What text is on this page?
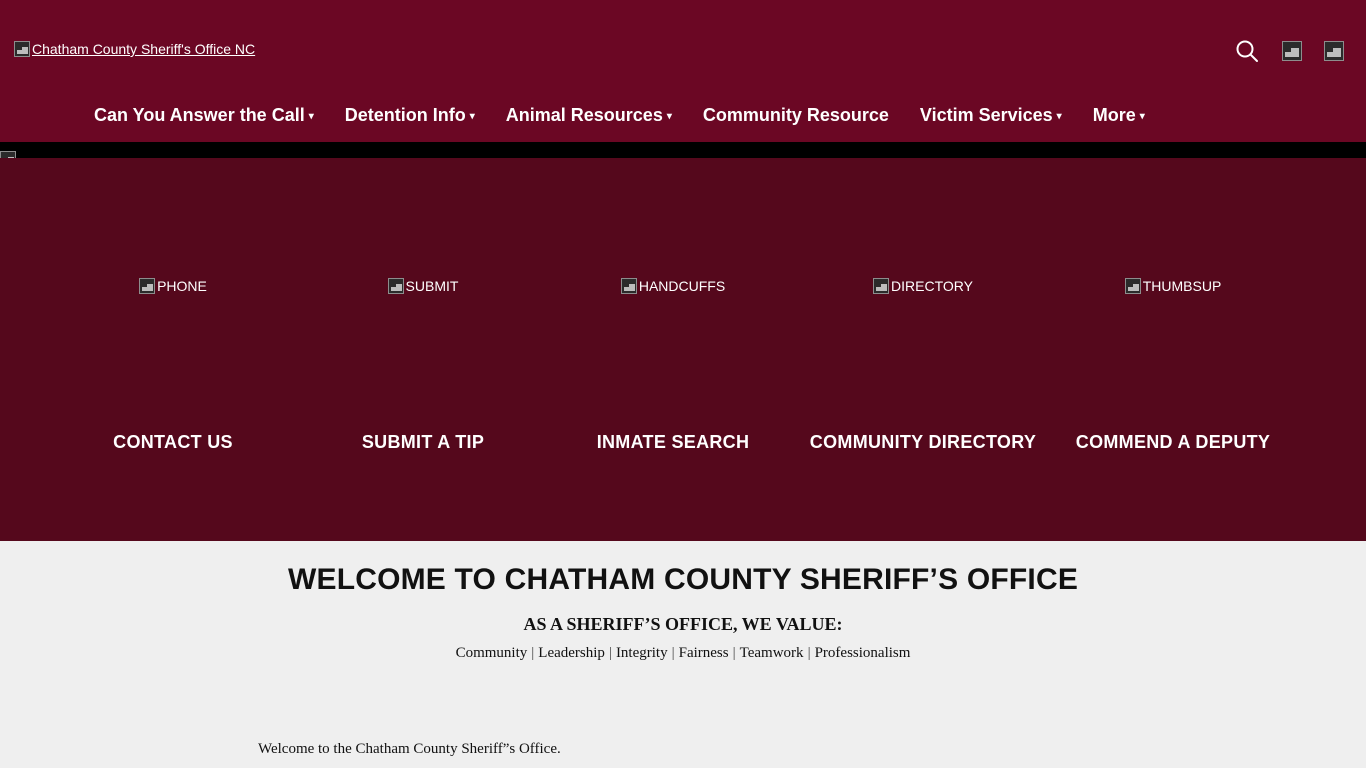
Chatham County Sheriff's Office NC
Can You Answer the Call ▾ Detention Info ▾ Animal Resources ▾ Community Resource Victim Services ▾ More ▾
PHONE
CONTACT US
SUBMIT
SUBMIT A TIP
HANDCUFFS
INMATE SEARCH
DIRECTORY
COMMUNITY DIRECTORY
THUMBSUP
COMMEND A DEPUTY
WELCOME TO CHATHAM COUNTY SHERIFF’S OFFICE
AS A SHERIFF’S OFFICE, WE VALUE:
Community | Leadership | Integrity | Fairness | Teamwork | Professionalism
Welcome to the Chatham County Sheriff”s Office.
